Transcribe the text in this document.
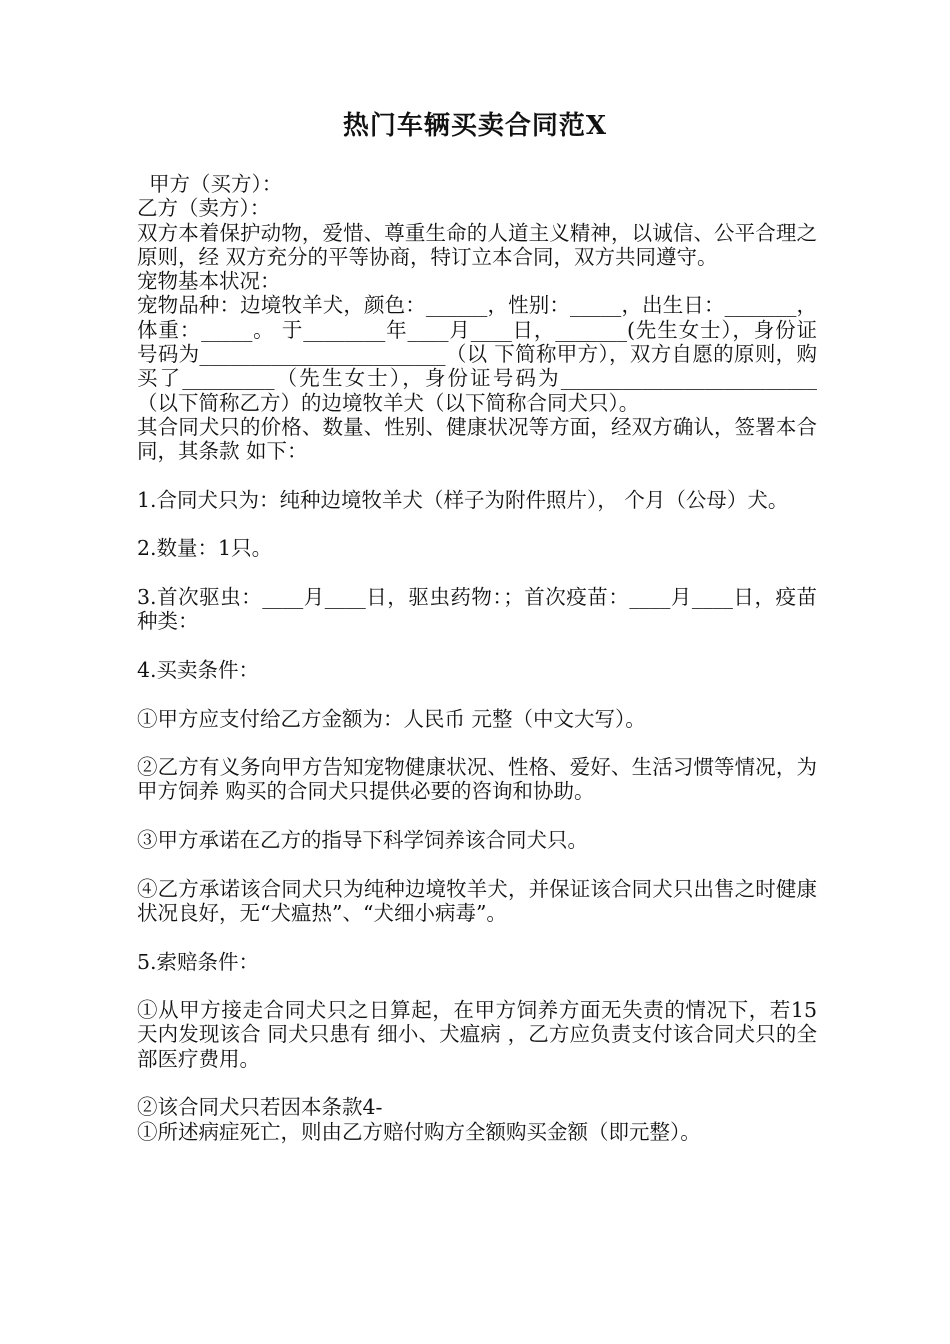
热门车辆买卖合同范X
甲方（买方）：
乙方（卖方）：
双方本着保护动物，爱惜、尊重生命的人道主义精神，以诚信、公平合理之原则，经 双方充分的平等协商，特订立本合同，双方共同遵守。
宠物基本状况：
宠物品种：边境牧羊犬，颜色：______，性别：_____，出生日：_______，体重：_____。 于________年____月____日，_______(先生女士），身份证号码为________________________（以 下简称甲方），双方自愿的原则，购买了_________（先生女士），身份证号码为_________________________（以下简称乙方）的边境牧羊犬（以下简称合同犬只）。
其合同犬只的价格、数量、性别、健康状况等方面，经双方确认，签署本合同，其条款 如下：
1.合同犬只为：纯种边境牧羊犬（样子为附件照片）， 个月（公母）犬。
2.数量：1只。
3.首次驱虫：____月____日，驱虫药物：；首次疫苗：____月____日，疫苗种类：
4.买卖条件：
①甲方应支付给乙方金额为：人民币 元整（中文大写）。
②乙方有义务向甲方告知宠物健康状况、性格、爱好、生活习惯等情况，为甲方饲养 购买的合同犬只提供必要的咨询和协助。
③甲方承诺在乙方的指导下科学饲养该合同犬只。
④乙方承诺该合同犬只为纯种边境牧羊犬，并保证该合同犬只出售之时健康状况良好，无“犬瘟热”、“犬细小病毒”。
5.索赔条件：
①从甲方接走合同犬只之日算起，在甲方饲养方面无失责的情况下，若15天内发现该合 同犬只患有 细小、犬瘟病 ，乙方应负责支付该合同犬只的全部医疗费用。
②该合同犬只若因本条款4-
①所述病症死亡，则由乙方赔付购方全额购买金额（即元整）。
